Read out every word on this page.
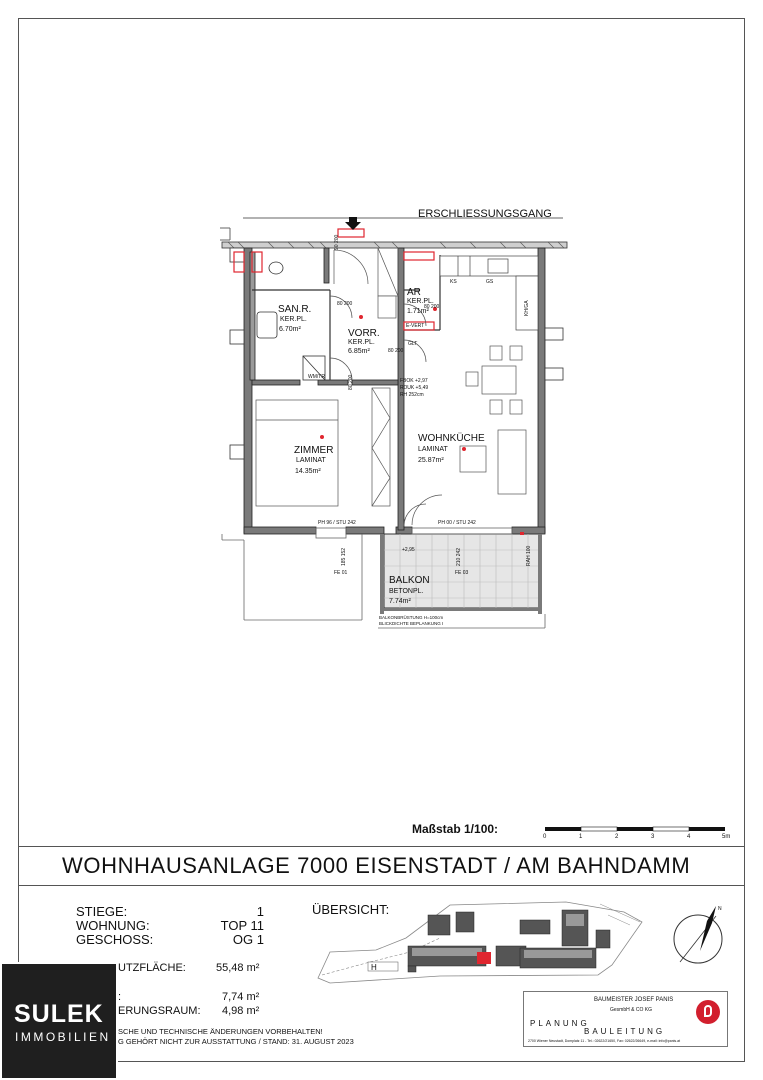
ERSCHLIESSUNGSGANG
SAN.R.
KER.PL.
6.70m²	VORR.
KER.PL.
6.85m²
AR
KER.PL.
1.71m²
ZIMMER
LAMINAT
14.35m²
WOHNKÜCHE
LAMINAT
25.87m²
BALKON
BETONPL.
7.74m²
90 200
80 200	80 200
80 200
80 200	FBOK +2,97
RDUK +5,49
RH 252cm
GLT
E-VERT
WM/TR
KS	GS
KH/GA
PH 96 / STU 242	PH 00 / STU 242
+2,95
FE 01	FE 03
185 152	210 242	RAH 100
BALKONBRÜSTUNG H=100cm
BLICKDICHTE BEPLANKUNG I
0	1	2	3	4	5m
H
N
Maßstab 1/100:
WOHNHAUSANLAGE 7000 EISENSTADT / AM BAHNDAMM
STIEGE:	1
WOHNUNG:	TOP 11
GESCHOSS:	OG 1
UTZFLÄCHE:	55,48 m²
:	7,74 m²
ERUNGSRAUM: 4,98 m²
SCHE UND TECHNISCHE ÄNDERUNGEN VORBEHALTEN!
G GEHÖRT NICHT ZUR AUSSTATTUNG / STAND: 31. AUGUST 2023
ÜBERSICHT:
BAUMEISTER JOSEF PANIS
GesmbH & CO KG
PLANUNG
BAULEITUNG
2700 Wiener Neustadt, Domplatz 11 - Tel.: 02622/21650, Fax: 02622/26649, e-mail: info@panis.at
SULEK
IMMOBILIEN
